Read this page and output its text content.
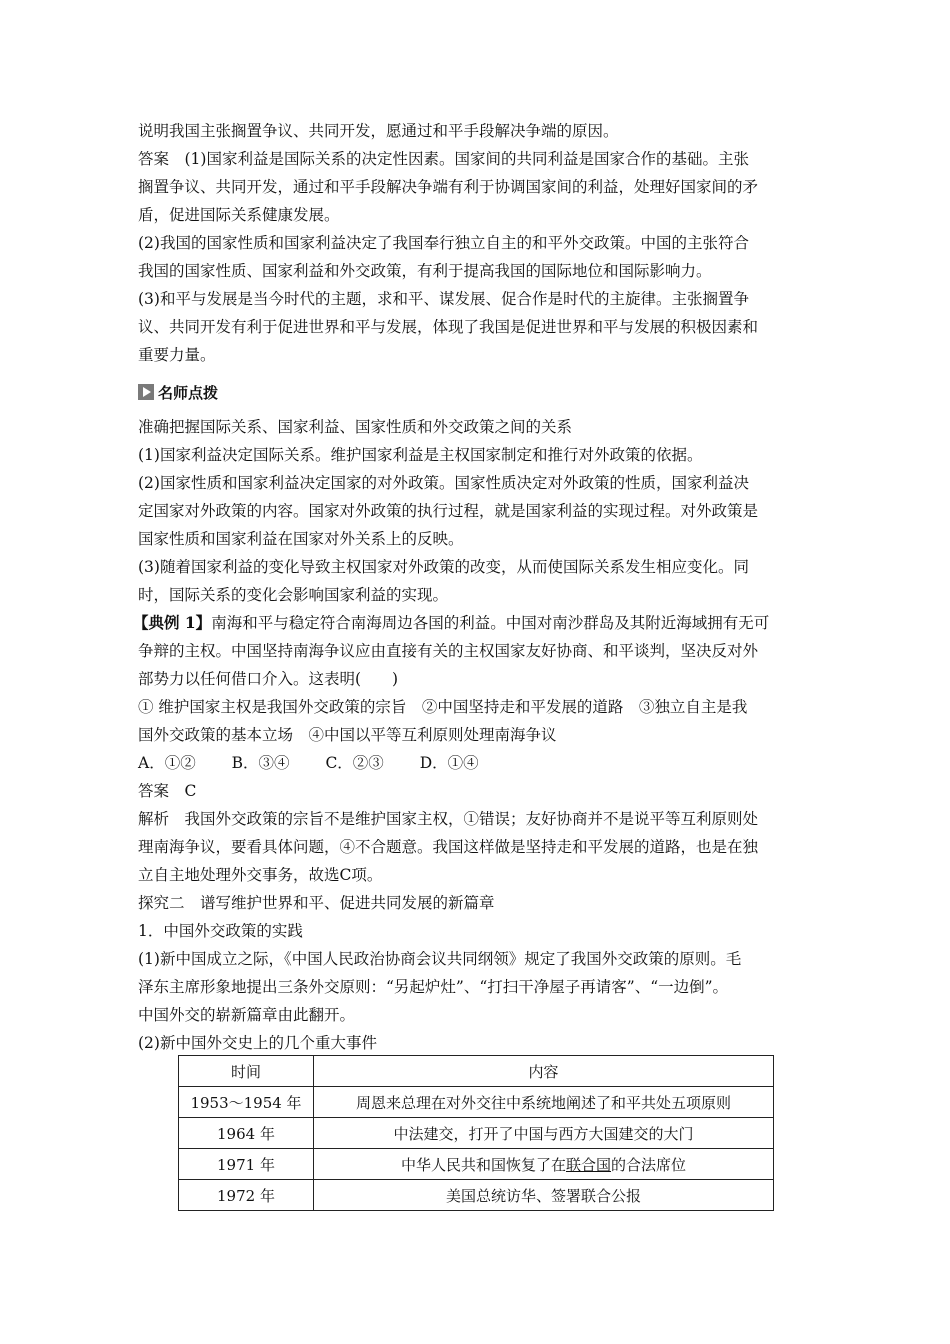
说明我国主张搁置争议、共同开发，愿通过和平手段解决争端的原因。
答案　(1)国家利益是国际关系的决定性因素。国家间的共同利益是国家合作的基础。主张
搁置争议、共同开发，通过和平手段解决争端有利于协调国家间的利益，处理好国家间的矛
盾，促进国际关系健康发展。
(2)我国的国家性质和国家利益决定了我国奉行独立自主的和平外交政策。中国的主张符合
我国的国家性质、国家利益和外交政策，有利于提高我国的国际地位和国际影响力。
(3)和平与发展是当今时代的主题，求和平、谋发展、促合作是时代的主旋律。主张搁置争
议、共同开发有利于促进世界和平与发展，体现了我国是促进世界和平与发展的积极因素和
重要力量。
名师点拨
准确把握国际关系、国家利益、国家性质和外交政策之间的关系
(1)国家利益决定国际关系。维护国家利益是主权国家制定和推行对外政策的依据。
(2)国家性质和国家利益决定国家的对外政策。国家性质决定对外政策的性质，国家利益决
定国家对外政策的内容。国家对外政策的执行过程，就是国家利益的实现过程。对外政策是
国家性质和国家利益在国家对外关系上的反映。
(3)随着国家利益的变化导致主权国家对外政策的改变，从而使国际关系发生相应变化。同
时，国际关系的变化会影响国家利益的实现。
【典例 1】南海和平与稳定符合南海周边各国的利益。中国对南沙群岛及其附近海域拥有无可
争辩的主权。中国坚持南海争议应由直接有关的主权国家友好协商、和平谈判，坚决反对外
部势力以任何借口介入。这表明(　　)
① 维护国家主权是我国外交政策的宗旨　②中国坚持走和平发展的道路　③独立自主是我
国外交政策的基本立场　④中国以平等互利原则处理南海争议
A．①②　　 B．③④　　 C．②③　　 D．①④
答案　C
解析　我国外交政策的宗旨不是维护国家主权，①错误；友好协商并不是说平等互利原则处
理南海争议，要看具体问题，④不合题意。我国这样做是坚持走和平发展的道路，也是在独
立自主地处理外交事务，故选C项。
探究二　谱写维护世界和平、促进共同发展的新篇章
1．中国外交政策的实践
(1)新中国成立之际，《中国人民政治协商会议共同纲领》规定了我国外交政策的原则。毛
泽东主席形象地提出三条外交原则：“另起炉灶”、“打扫干净屋子再请客”、“一边倒”。
中国外交的崭新篇章由此翻开。
(2)新中国外交史上的几个重大事件
时间	内容
1953～1954 年	周恩来总理在对外交往中系统地阐述了和平共处五项原则
1964 年	中法建交，打开了中国与西方大国建交的大门
1971 年	中华人民共和国恢复了在联合国的合法席位
1972 年	美国总统访华、签署联合公报
